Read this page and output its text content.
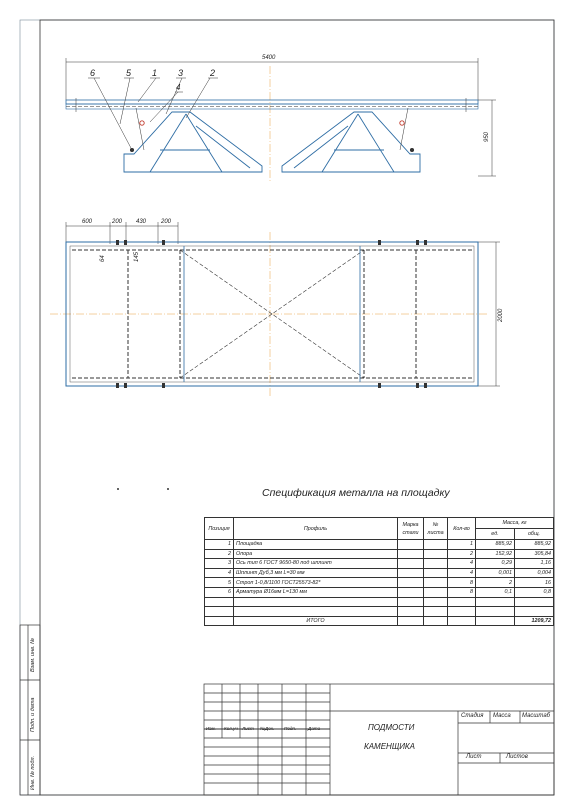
5400
950
6	5 1 3
4
2
600	200 430 200
64	145
2000
Спецификация металла на площадку
Позиция	Профиль	Марка
стали	№
листа	Кол-во	Масса, кг	
					ед.	общ.
1	Площадка			1	885,92	885,92
2	Опора			2	152,92	305,84
3	Ось тип 6 ГОСТ 9650-80 под шплинт			4	0,29	1,16
4	Шплинт Дуб,3 мм L=30 мм			4	0,001	0,004
5	Строп 1-0,8/1100 ГОСТ25573-82*			8	2	16
6	Арматура Ø16мм L=130 мм			8	0,1	0,8

	ИТОГО					1209,72
Изм.	Кол.уч Лист	№Док.	Подп.	Дата	ПОДМОСТИ
КАМЕНЩИКА
Стадия Масса Масштаб
Лист	Листов
Взам. инв. №
Подп. и дата
Инв. № подл.
